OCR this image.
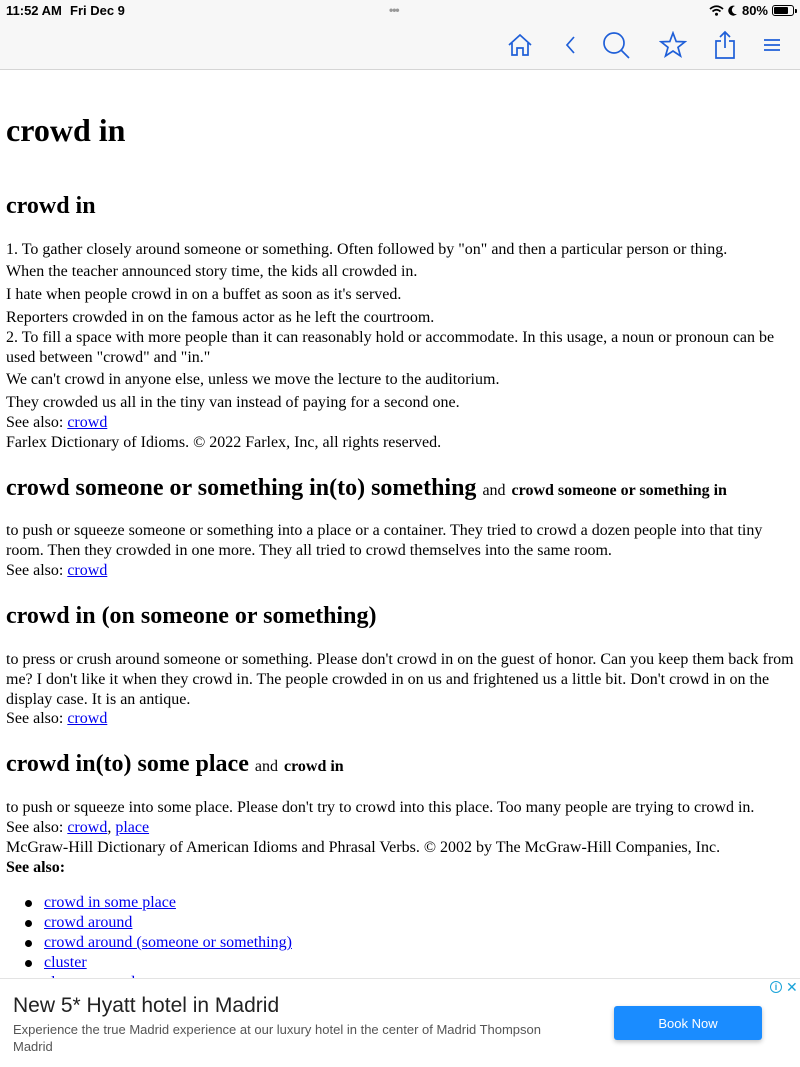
11:52 AM Fri Dec 9	•••	80%
crowd in
crowd in
1. To gather closely around someone or something. Often followed by "on" and then a particular person or thing.
When the teacher announced story time, the kids all crowded in.
I hate when people crowd in on a buffet as soon as it's served.
Reporters crowded in on the famous actor as he left the courtroom.
2. To fill a space with more people than it can reasonably hold or accommodate. In this usage, a noun or pronoun can be used between "crowd" and "in."
We can't crowd in anyone else, unless we move the lecture to the auditorium.
They crowded us all in the tiny van instead of paying for a second one.
See also: crowd
Farlex Dictionary of Idioms. © 2022 Farlex, Inc, all rights reserved.
crowd someone or something in(to) something and crowd someone or something in
to push or squeeze someone or something into a place or a container. They tried to crowd a dozen people into that tiny room. Then they crowded in one more. They all tried to crowd themselves into the same room.
See also: crowd
crowd in (on someone or something)
to press or crush around someone or something. Please don't crowd in on the guest of honor. Can you keep them back from me? I don't like it when they crowd in. The people crowded in on us and frightened us a little bit. Don't crowd in on the display case. It is an antique.
See also: crowd
crowd in(to) some place and crowd in
to push or squeeze into some place. Please don't try to crowd into this place. Too many people are trying to crowd in.
See also: crowd, place
McGraw-Hill Dictionary of American Idioms and Phrasal Verbs. © 2002 by The McGraw-Hill Companies, Inc.
See also:
crowd in some place
crowd around
crowd around (someone or something)
cluster
i ✕
New 5* Hyatt hotel in Madrid
Experience the true Madrid experience at our luxury hotel in the center of Madrid Thompson Madrid
Book Now
